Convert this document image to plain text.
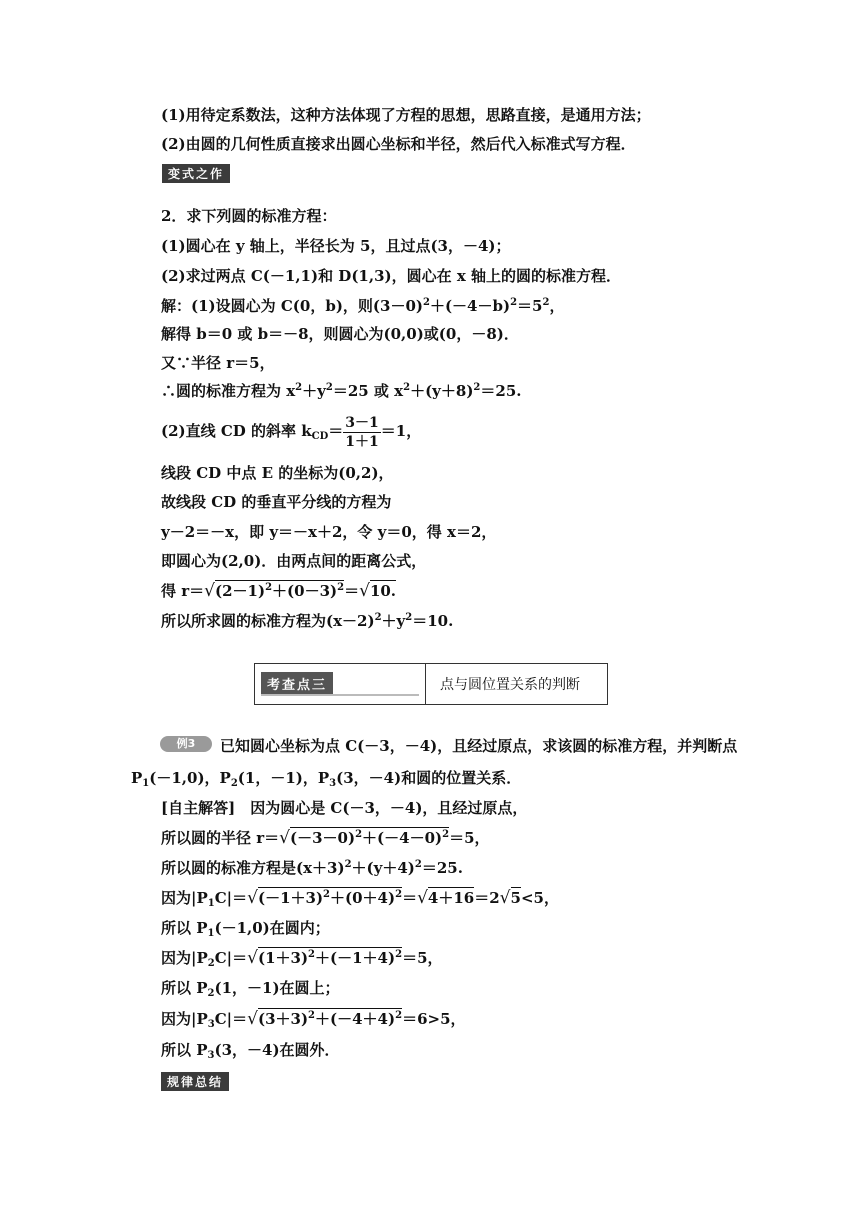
(1)用待定系数法，这种方法体现了方程的思想，思路直接，是通用方法；
(2)由圆的几何性质直接求出圆心坐标和半径，然后代入标准式写方程．
变式之作
2．求下列圆的标准方程：
(1)圆心在 y 轴上，半径长为 5，且过点(3，－4)；
(2)求过两点 C(－1,1)和 D(1,3)，圆心在 x 轴上的圆的标准方程．
解：(1)设圆心为 C(0，b)，则$(3-0)^2+(-4-b)^2=5^2$，
解得 b＝0 或 b＝－8，则圆心为(0,0)或(0，－8)．
又∵半径 r＝5，
∴圆的标准方程为 $x^2+y^2=25$ 或 $x^2+(y+8)^2=25$.
(2)直线 CD 的斜率 $k_{CD}= \frac{3-1}{1+1} =1$，
线段 CD 中点 E 的坐标为(0,2)，
故线段 CD 的垂直平分线的方程为
y－2＝－x，即 y＝－x＋2，令 y＝0，得 x＝2，
即圆心为(2,0)．由两点间的距离公式，
得 $r=√(2-1)^2+(0-3)^2=√10$.
所以所求圆的标准方程为$(x-2)^2+y^2=10$.
考查点三	点与圆位置关系的判断
例3	已知圆心坐标为点 C(－3，－4)，且经过原点，求该圆的标准方程，并判断点
$P_1(-1,0)$，$P_2(1$，－1)，$P_3(3$，－4)和圆的位置关系．
[自主解答]　因为圆心是 C(－3，－4)，且经过原点，
所以圆的半径 $r=√(-3-0)^2+(-4-0)^2=5$，
所以圆的标准方程是$(x+3)^2+(y+4)^2=25$.
因为$|P_1C|=√(-1+3)^2+(0+4)^2=√4+16=2√5<5$，
所以 $P_1(-1,0)$在圆内；
因为$|P_2C|=√(1+3)^2+(-1+4)^2=5$，
所以 $P_2(1$，－1)在圆上；
因为$|P_3C|=√(3+3)^2+(-4+4)^2=6>5$，
所以 $P_3(3$，－4)在圆外．
规律总结
